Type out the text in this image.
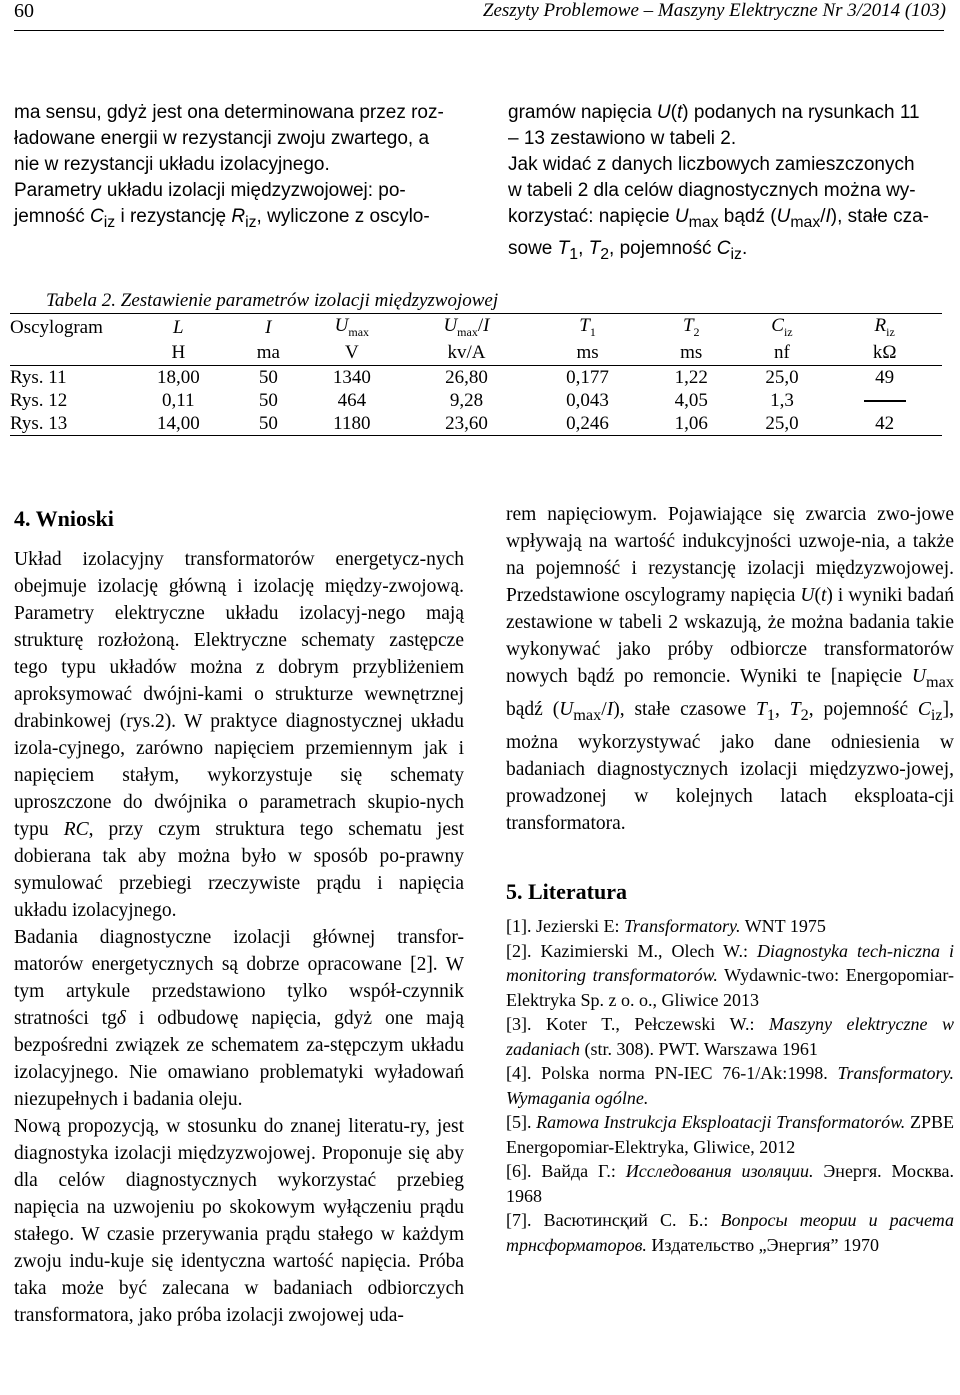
60	Zeszyty Problemowe – Maszyny Elektryczne Nr 3/2014 (103)

ma sensu, gdyż jest ona determinowana przez roz-

ładowane energii w rezystancji zwoju zwartego, a

nie w rezystancji układu izolacyjnego.

Parametry układu izolacji międzyzwojowej: po-

jemność $C_{iz}$ i rezystancję $R_{iz}$, wyliczone z oscylo-

gramów napięcia U(t) podanych na rysunkach 11

– 13 zestawiono w tabeli 2.

Jak widać z danych liczbowych zamieszczonych

w tabeli 2 dla celów diagnostycznych można wy-

korzystać: napięcie $U_{max}$ bądź $(U_{max}/I)$, stałe cza-

sowe $T_1$, $T_2$, pojemność $C_{iz}$.

Tabela 2. Zestawienie parametrów izolacji międzyzwojowej
Oscylogram	L	I	$U_{max}$	$U_{max}/I$	$T_1$	$T_2$	$C_{iz}$	$R_{iz}$
	H	ma	V	kv/A	ms	ms	nf	kΩ
Rys. 11	18,00	50	1340	26,80	0,177	1,22	25,0	49
Rys. 12	0,11	50	464	9,28	0,043	4,05	1,3	
Rys. 13	14,00	50	1180	23,60	0,246	1,06	25,0	42
4. Wnioski

Układ izolacyjny transformatorów energetycz-nych obejmuje izolację główną i izolację między-zwojową. Parametry elektryczne układu izolacyj-nego mają strukturę rozłożoną. Elektryczne schematy zastępcze tego typu układów można z dobrym przybliżeniem aproksymować dwójni-kami o strukturze wewnętrznej drabinkowej (rys.2). W praktyce diagnostycznej układu izola-cyjnego, zarówno napięciem przemiennym jak i napięciem stałym, wykorzystuje się schematy uproszczone do dwójnika o parametrach skupio-nych typu RC, przy czym struktura tego schematu jest dobierana tak aby można było w sposób po-prawny symulować przebiegi rzeczywiste prądu i napięcia układu izolacyjnego.

Badania diagnostyczne izolacji głównej transfor-matorów energetycznych są dobrze opracowane [2]. W tym artykule przedstawiono tylko współ-czynnik stratności tgδ i odbudowę napięcia, gdyż one mają bezpośredni związek ze schematem za-stępczym układu izolacyjnego. Nie omawiano problematyki wyładowań niezupełnych i badania oleju.

Nową propozycją, w stosunku do znanej literatu-ry, jest diagnostyka izolacji międzyzwojowej. Proponuje się aby dla celów diagnostycznych wykorzystać przebieg napięcia na uzwojeniu po skokowym wyłączeniu prądu stałego. W czasie przerywania prądu stałego w każdym zwoju indu-kuje się identyczna wartość napięcia. Próba taka może być zalecana w badaniach odbiorczych transformatora, jako próba izolacji zwojowej uda-

rem napięciowym. Pojawiające się zwarcia zwo-jowe wpływają na wartość indukcyjności uzwoje-nia, a także na pojemność i rezystancję izolacji międzyzwojowej. Przedstawione oscylogramy napięcia U(t) i wyniki badań zestawione w tabeli 2 wskazują, że można badania takie wykonywać jako próby odbiorcze transformatorów nowych bądź po remoncie. Wyniki te [napięcie $U_{max}$ bądź $(U_{max}/I)$, stałe czasowe $T_1$, $T_2$, pojemność $C_{iz}$], można wykorzystywać jako dane odniesienia w badaniach diagnostycznych izolacji międzyzwo-jowej, prowadzonej w kolejnych latach eksploata-cji transformatora.

5. Literatura

[1]. Jezierski E: Transformatory. WNT 1975

[2]. Kazimierski M., Olech W.: Diagnostyka tech-niczna i monitoring transformatorów. Wydawnic-two: Energopomiar-Elektryka Sp. z o. o., Gliwice 2013

[3]. Koter T., Pełczewski W.: Maszyny elektryczne w zadaniach (str. 308). PWT. Warszawa 1961

[4]. Polska norma PN-IEC 76-1/Ak:1998. Transformatory. Wymagania ogólne.

[5]. Ramowa Instrukcja Eksploatacji Transformatorów. ZPBE Energopomiar-Elektryka, Gliwice, 2012

[6]. Вайда Г.: Исследования изоляции. Энергя. Москва. 1968

[7]. Васютинсқий С. Б.: Вопросы теории и расчета трнсформаторов. Издательство „Энергия” 1970
